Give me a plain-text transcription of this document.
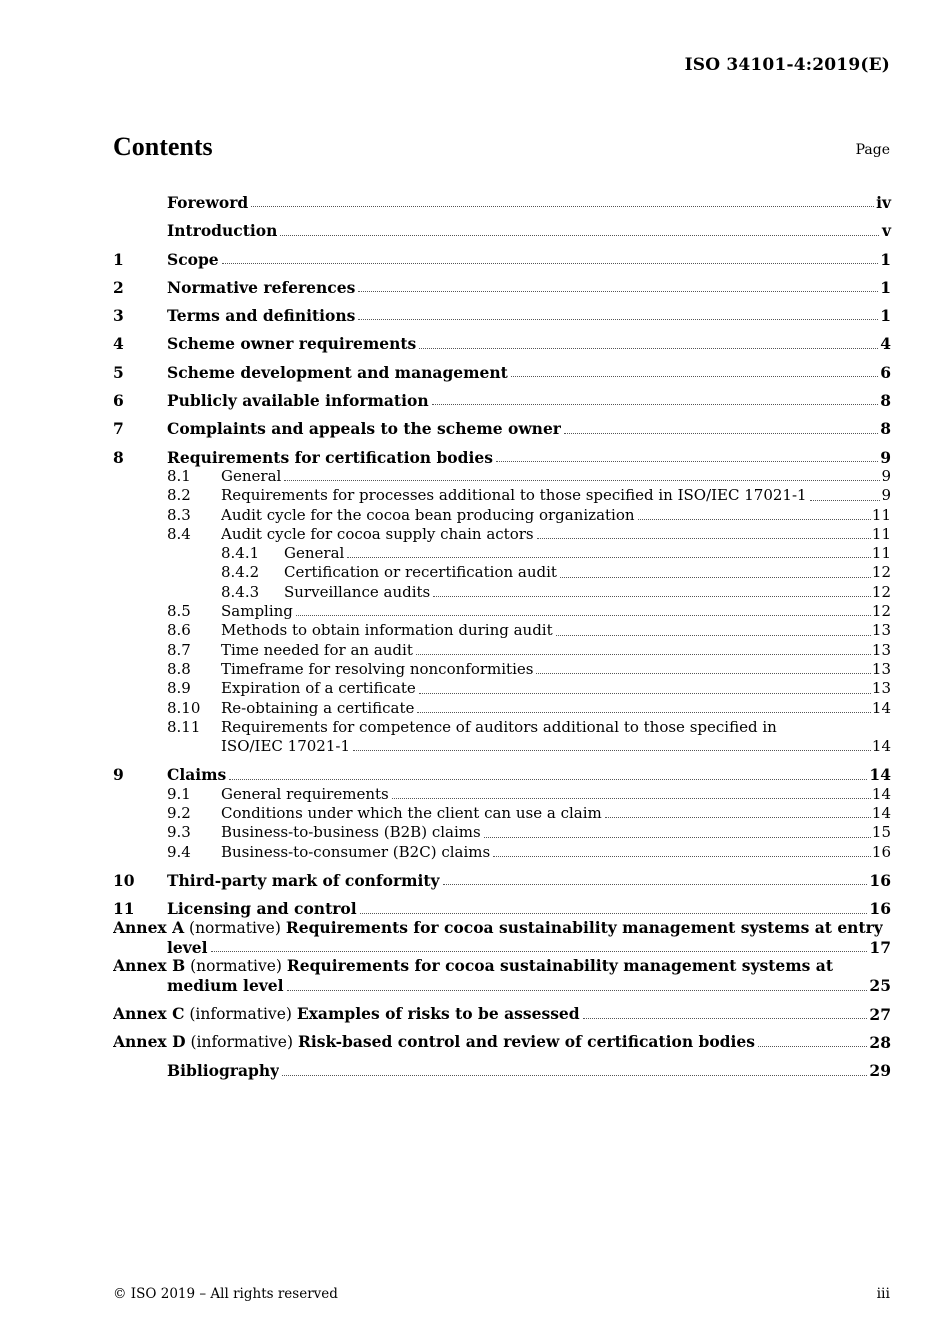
ISO 34101-4:2019(E)
Contents	Page
Foreword	iv
Introduction	v
1	Scope	1
2	Normative references	1
3	Terms and definitions	1
4	Scheme owner requirements	4
5	Scheme development and management	6
6	Publicly available information	8
7	Complaints and appeals to the scheme owner	8
8	Requirements for certification bodies	9
8.1	General	9
8.2	Requirements for processes additional to those specified in ISO/IEC 17021-1	9
8.3	Audit cycle for the cocoa bean producing organization	11
8.4	Audit cycle for cocoa supply chain actors	11
8.4.1	General	11
8.4.2	Certification or recertification audit	12
8.4.3	Surveillance audits	12
8.5	Sampling	12
8.6	Methods to obtain information during audit	13
8.7	Time needed for an audit	13
8.8	Timeframe for resolving nonconformities	13
8.9	Expiration of a certificate	13
8.10	Re-obtaining a certificate	14
8.11	Requirements for competence of auditors additional to those specified in
ISO/IEC 17021-1	14
9	Claims	14
9.1	General requirements	14
9.2	Conditions under which the client can use a claim	14
9.3	Business-to-business (B2B) claims	15
9.4	Business-to-consumer (B2C) claims	16
10	Third-party mark of conformity	16
11	Licensing and control	16
Annex A (normative) Requirements for cocoa sustainability management systems at entry
level	17
Annex B (normative) Requirements for cocoa sustainability management systems at
medium level	25
Annex C (informative) Examples of risks to be assessed	27
Annex D (informative) Risk-based control and review of certification bodies	28
Bibliography	29
© ISO 2019 – All rights reserved	iii
